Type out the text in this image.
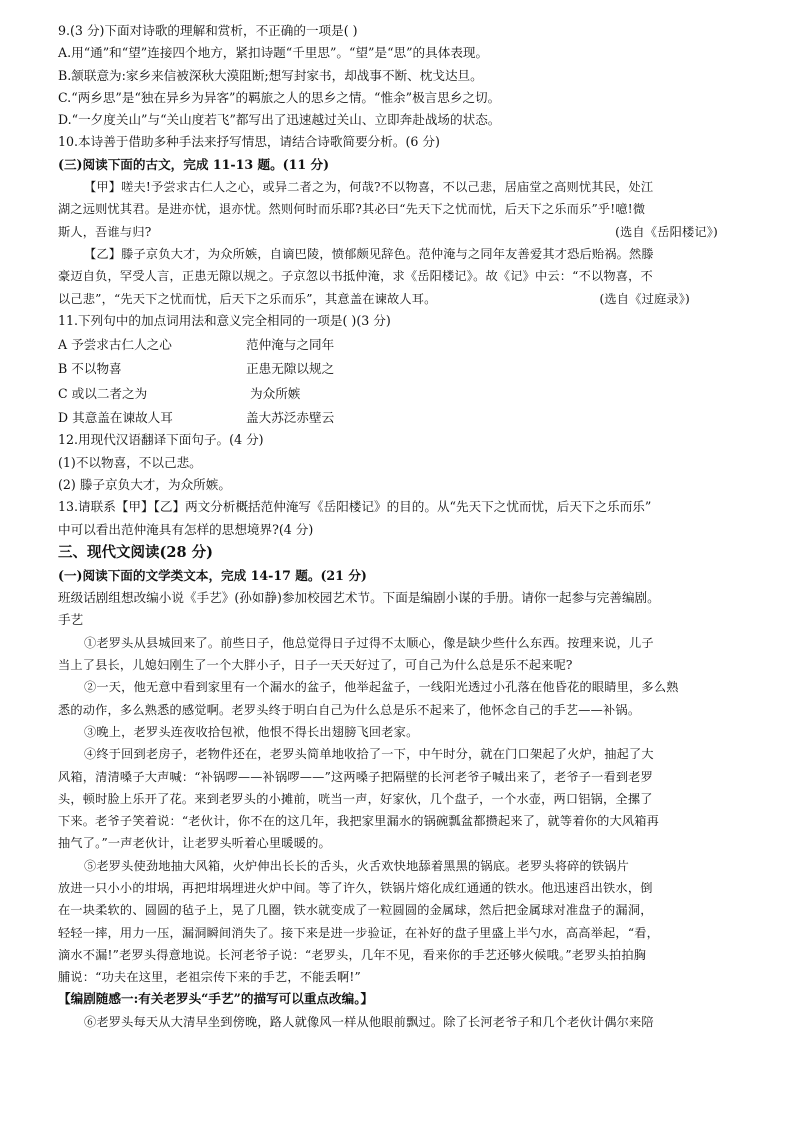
9.(3 分)下面对诗歌的理解和赏析，不正确的一项是( )
A.用“通”和“望”连接四个地方，紧扣诗题“千里思”。“望”是“思”的具体表现。
B.颔联意为:家乡来信被深秋大漠阻断;想写封家书，却战事不断、枕戈达旦。
C.“两乡思”是“独在异乡为异客”的羁旅之人的思乡之情。“惟余”极言思乡之切。
D.“一夕度关山”与“关山度若飞”都写出了迅速越过关山、立即奔赴战场的状态。
10.本诗善于借助多种手法来抒写情思，请结合诗歌简要分析。(6 分)
(三)阅读下面的古文，完成 11-13 题。(11 分)
【甲】嗟夫!予尝求古仁人之心，或异二者之为，何哉?不以物喜，不以己悲，居庙堂之高则忧其民，处江
湖之远则忧其君。是进亦忧，退亦忧。然则何时而乐耶?其必曰“先天下之忧而忧，后天下之乐而乐”乎!噫!微
斯人，吾谁与归?	(选自《岳阳楼记》)
【乙】滕子京负大才，为众所嫉，自谪巴陵，愤郁颇见辞色。范仲淹与之同年友善爱其才恐后贻祸。然滕
豪迈自负，罕受人言，正患无隙以规之。子京忽以书抵仲淹，求《岳阳楼记》。故《记》中云：“不以物喜，不
以己悲”，“先天下之忧而忧，后天下之乐而乐”，其意盖在谏故人耳。	(选自《过庭录》)
11.下列句中的加点词用法和意义完全相同的一项是( )(3 分)
A 予尝求古仁人之心	范仲淹与之同年
B 不以物喜	正患无隙以规之
C 或以二者之为	为众所嫉
D 其意盖在谏故人耳	盖大苏泛赤壁云
12.用现代汉语翻译下面句子。(4 分)
(1)不以物喜，不以己悲。
(2) 滕子京负大才，为众所嫉。
13.请联系【甲】【乙】两文分析概括范仲淹写《岳阳楼记》的目的。从“先天下之忧而忧，后天下之乐而乐”
中可以看出范仲淹具有怎样的思想境界?(4 分)
三、现代文阅读(28 分)
(一)阅读下面的文学类文本，完成 14-17 题。(21 分)
班级话剧组想改编小说《手艺》(孙如静)参加校园艺术节。下面是编剧小谋的手册。请你一起参与完善编剧。
手艺
①老罗头从县城回来了。前些日子，他总觉得日子过得不太顺心，像是缺少些什么东西。按理来说，儿子
当上了县长，儿媳妇刚生了一个大胖小子，日子一天天好过了，可自己为什么总是乐不起来呢?
②一天，他无意中看到家里有一个漏水的盆子，他举起盆子，一线阳光透过小孔落在他昏花的眼睛里，多么熟
悉的动作，多么熟悉的感觉啊。老罗头终于明白自己为什么总是乐不起来了，他怀念自己的手艺——补锅。
③晚上，老罗头连夜收拾包袱，他恨不得长出翅膀飞回老家。
④终于回到老房子，老物件还在，老罗头简单地收拾了一下，中午时分，就在门口架起了火炉，抽起了大
风箱，清清嗓子大声喊：“补锅啰——补锅啰——”这两嗓子把隔壁的长河老爷子喊出来了，老爷子一看到老罗
头，顿时脸上乐开了花。来到老罗头的小摊前，咣当一声，好家伙，几个盘子，一个水壶，两口铝锅，全摞了
下来。老爷子笑着说：“老伙计，你不在的这几年，我把家里漏水的锅碗瓢盆都攒起来了，就等着你的大风箱再
抽气了。”一声老伙计，让老罗头听着心里暖暖的。
⑤老罗头使劲地抽大风箱，火炉伸出长长的舌头，火舌欢快地舔着黑黑的锅底。老罗头将碎的铁锅片
放进一只小小的坩埚，再把坩埚埋进火炉中间。等了许久，铁锅片熔化成红通通的铁水。他迅速舀出铁水，倒
在一块柔软的、圆圆的毡子上，晃了几圈，铁水就变成了一粒圆圆的金属球，然后把金属球对准盘子的漏洞，
轻轻一摔，用力一压，漏洞瞬间消失了。接下来是进一步验证，在补好的盘子里盛上半勺水，高高举起，“看，
滴水不漏!”老罗头得意地说。长河老爷子说：“老罗头，几年不见，看来你的手艺还够火候哦。”老罗头拍拍胸
脯说：“功夫在这里，老祖宗传下来的手艺，不能丢啊!”
【编剧随感一:有关老罗头“手艺”的描写可以重点改编。】
⑥老罗头每天从大清早坐到傍晚，路人就像风一样从他眼前飘过。除了长河老爷子和几个老伙计偶尔来陪
